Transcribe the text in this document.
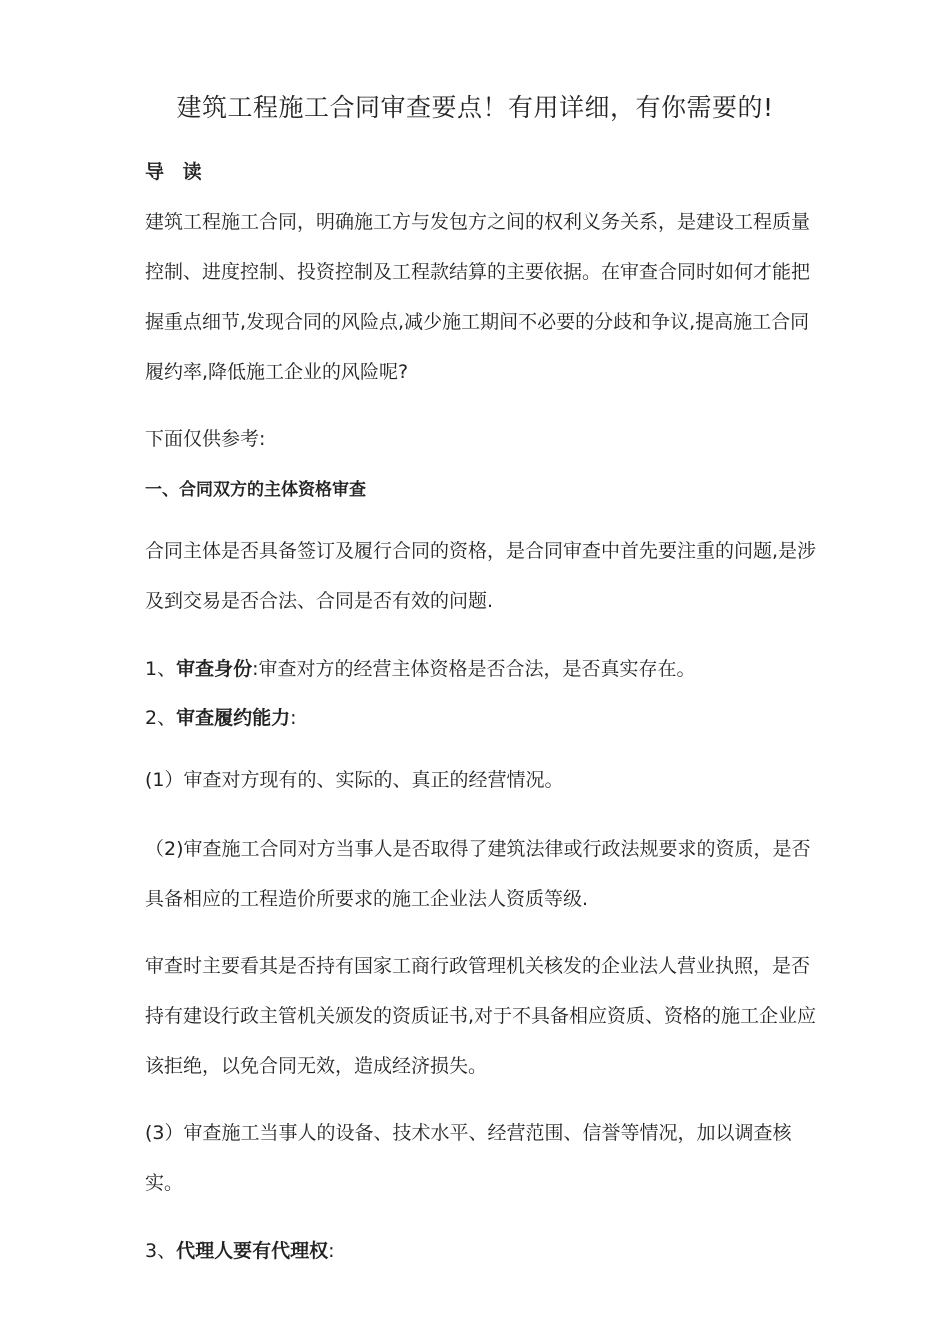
建筑工程施工合同审查要点！有用详细，有你需要的!
导 读

建筑工程施工合同，明确施工方与发包方之间的权利义务关系，是建设工程质量控制、进度控制、投资控制及工程款结算的主要依据。在审查合同时如何才能把握重点细节,发现合同的风险点,减少施工期间不必要的分歧和争议,提高施工合同履约率,降低施工企业的风险呢?

下面仅供参考:
一、合同双方的主体资格审查

合同主体是否具备签订及履行合同的资格，是合同审查中首先要注重的问题,是涉及到交易是否合法、合同是否有效的问题.

1、审查身份:审查对方的经营主体资格是否合法，是否真实存在。
2、审查履约能力:
(1）审查对方现有的、实际的、真正的经营情况。

（2)审查施工合同对方当事人是否取得了建筑法律或行政法规要求的资质，是否具备相应的工程造价所要求的施工企业法人资质等级.

审查时主要看其是否持有国家工商行政管理机关核发的企业法人营业执照，是否持有建设行政主管机关颁发的资质证书,对于不具备相应资质、资格的施工企业应该拒绝，以免合同无效，造成经济损失。

(3）审查施工当事人的设备、技术水平、经营范围、信誉等情况，加以调查核实。

3、代理人要有代理权:
